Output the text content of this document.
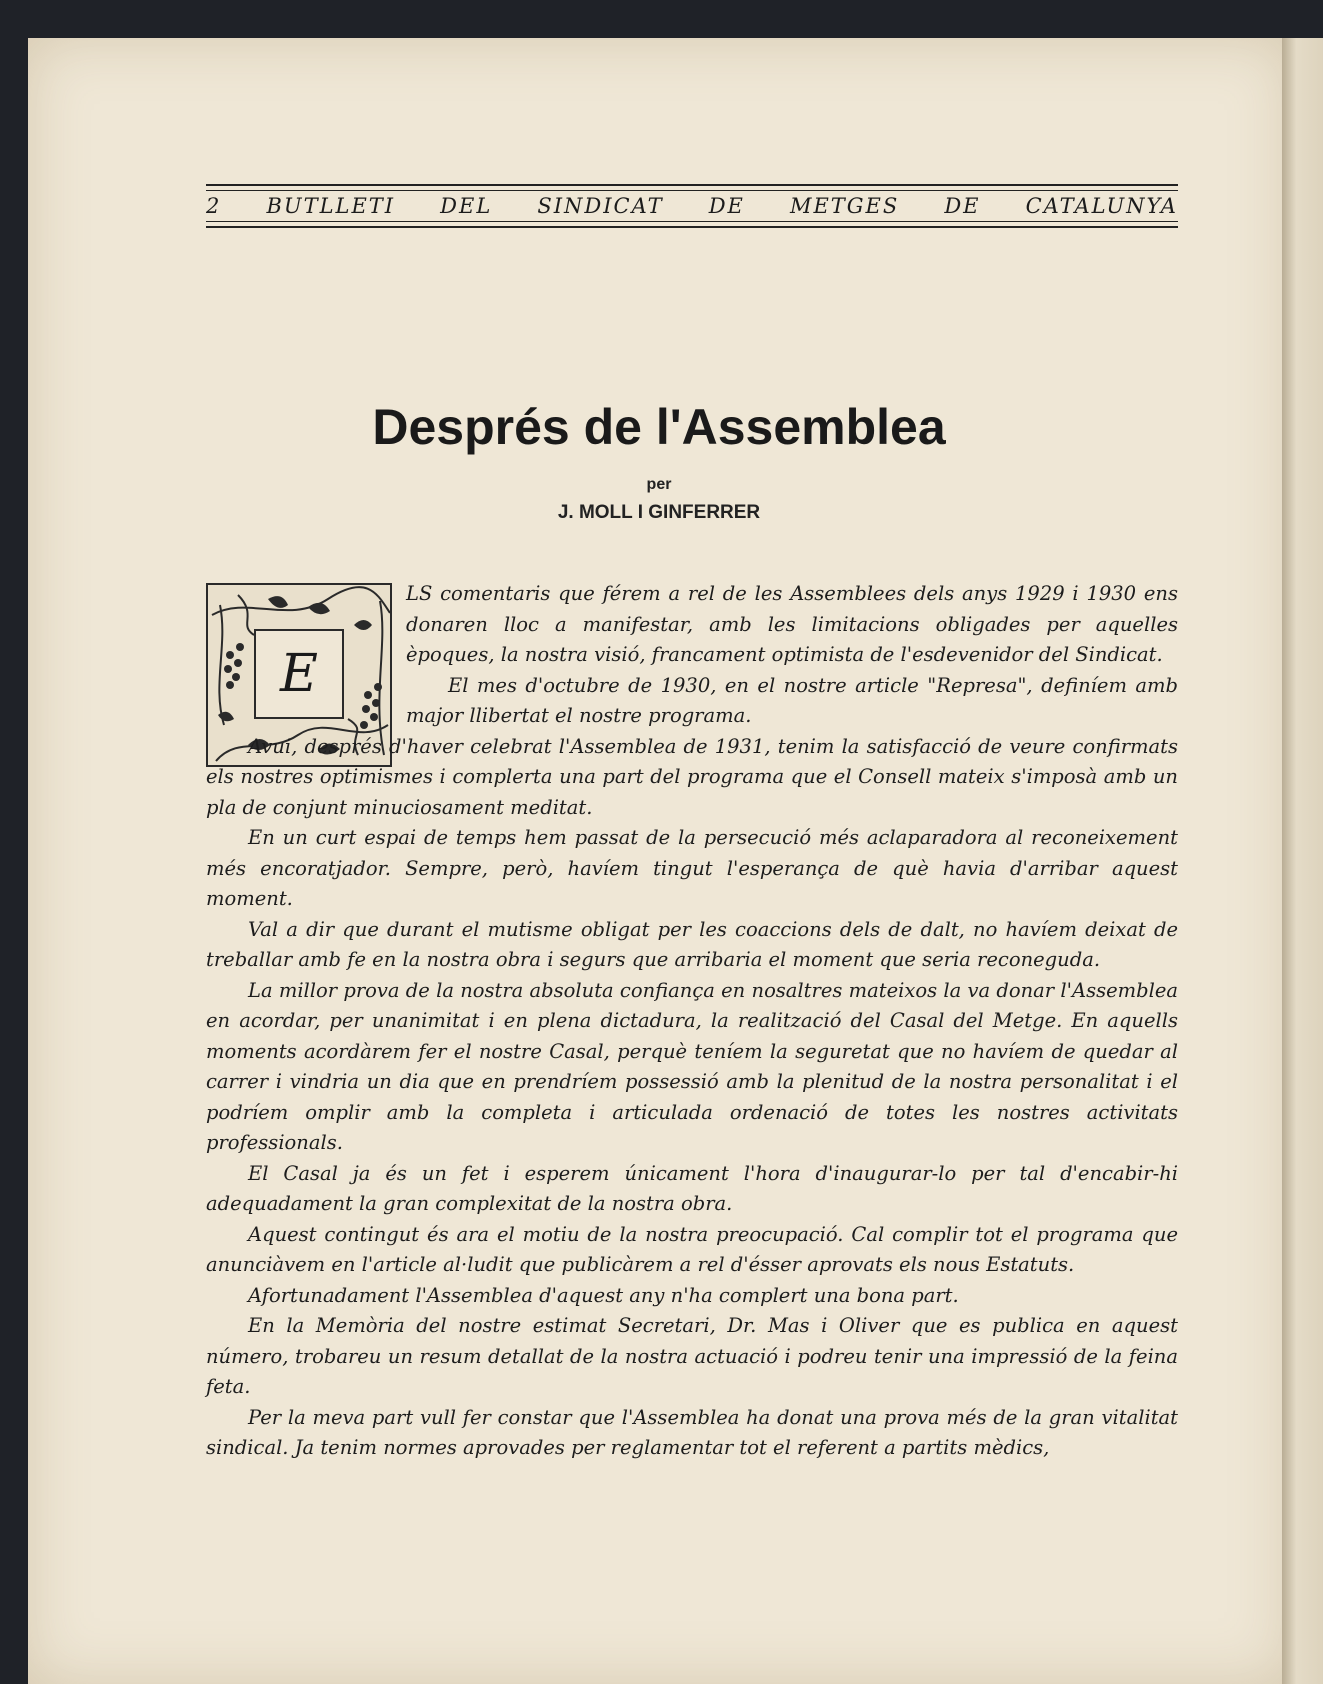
2 BUTLLETI DEL SINDICAT DE METGES DE CATALUNYA
Després de l'Assemblea
per
J. MOLL I GINFERRER
E

LS comentaris que férem a rel de les Assemblees dels anys 1929 i 1930 ens donaren lloc a manifestar, amb les limitacions obligades per aquelles èpoques, la nostra visió, francament optimista de l'esdevenidor del Sindicat.

El mes d'octubre de 1930, en el nostre article "Represa", definíem amb major llibertat el nostre programa.

Avui, després d'haver celebrat l'Assemblea de 1931, tenim la satisfacció de veure confirmats els nostres optimismes i complerta una part del programa que el Consell mateix s'imposà amb un pla de conjunt minuciosament meditat.

En un curt espai de temps hem passat de la persecució més aclaparadora al reconeixement més encoratjador. Sempre, però, havíem tingut l'esperança de què havia d'arribar aquest moment.

Val a dir que durant el mutisme obligat per les coaccions dels de dalt, no havíem deixat de treballar amb fe en la nostra obra i segurs que arribaria el moment que seria reconeguda.

La millor prova de la nostra absoluta confiança en nosaltres mateixos la va donar l'Assemblea en acordar, per unanimitat i en plena dictadura, la realització del Casal del Metge. En aquells moments acordàrem fer el nostre Casal, perquè teníem la seguretat que no havíem de quedar al carrer i vindria un dia que en prendríem possessió amb la plenitud de la nostra personalitat i el podríem omplir amb la completa i articulada ordenació de totes les nostres activitats professionals.

El Casal ja és un fet i esperem únicament l'hora d'inaugurar-lo per tal d'encabir-hi adequadament la gran complexitat de la nostra obra.

Aquest contingut és ara el motiu de la nostra preocupació. Cal complir tot el programa que anunciàvem en l'article al·ludit que publicàrem a rel d'ésser aprovats els nous Estatuts.

Afortunadament l'Assemblea d'aquest any n'ha complert una bona part.

En la Memòria del nostre estimat Secretari, Dr. Mas i Oliver que es publica en aquest número, trobareu un resum detallat de la nostra actuació i podreu tenir una impressió de la feina feta.

Per la meva part vull fer constar que l'Assemblea ha donat una prova més de la gran vitalitat sindical. Ja tenim normes aprovades per reglamentar tot el referent a partits mèdics,
